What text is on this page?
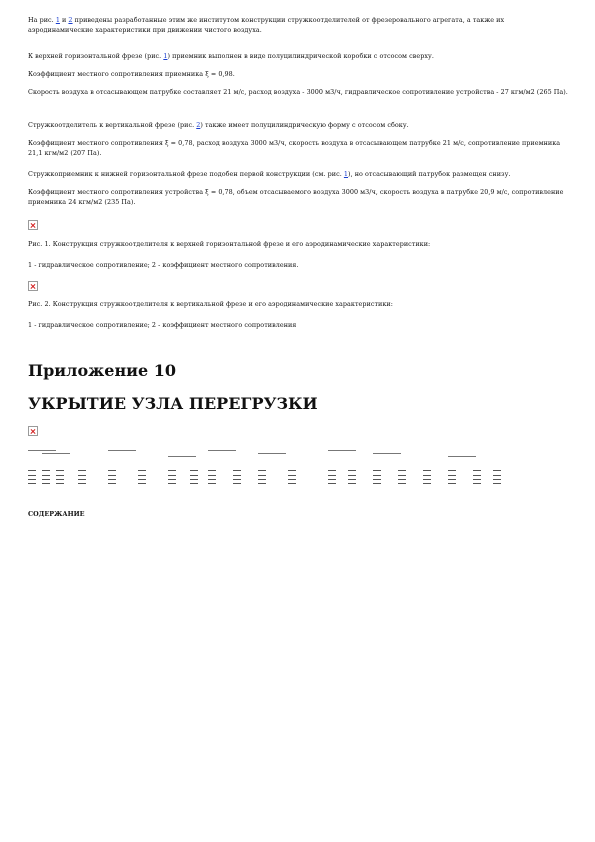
На рис. 1 и 2 приведены разработанные этим же институтом конструкции стружкоотделителей от фрезеровального агрегата, а также их аэродинамические характеристики при движении чистого воздуха.

К верхней горизонтальной фрезе (рис. 1) приемник выполнен в виде полуцилиндрической коробки с отсосом сверху.

Коэффициент местного сопротивления приемника ξ = 0,98.

Скорость воздуха в отсасывающем патрубке составляет 21 м/с, расход воздуха - 3000 м3/ч, гидравлическое сопротивление устройства - 27 кгм/м2 (265 Па).

Стружкоотделитель к вертикальной фрезе (рис. 2) также имеет полуцилиндрическую форму с отсосом сбоку.

Коэффициент местного сопротивления ξ = 0,78, расход воздуха 3000 м3/ч, скорость воздуха в отсасывающем патрубке 21 м/с, сопротивление приемника 21,1 кгм/м2 (207 Па).

Стружкоприемник к нижней горизонтальной фрезе подобен первой конструкции (см. рис. 1), но отсасывающий патрубок размещен снизу.

Коэффициент местного сопротивления устройства ξ = 0,78, объем отсасываемого воздуха 3000 м3/ч, скорость воздуха в патрубке 20,9 м/с, сопротивление приемника 24 кгм/м2 (235 Па).

Рис. 1. Конструкция стружкоотделителя к верхней горизонтальной фрезе и его аэродинамические характеристики:

1 - гидравлическое сопротивление; 2 - коэффициент местного сопротивления.

Рис. 2. Конструкция стружкоотделителя к вертикальной фрезе и его аэродинамические характеристики:

1 - гидравлическое сопротивление; 2 - коэффициент местного сопротивления

Приложение 10
УКРЫТИЕ УЗЛА ПЕРЕГРУЗКИ

СОДЕРЖАНИЕ
